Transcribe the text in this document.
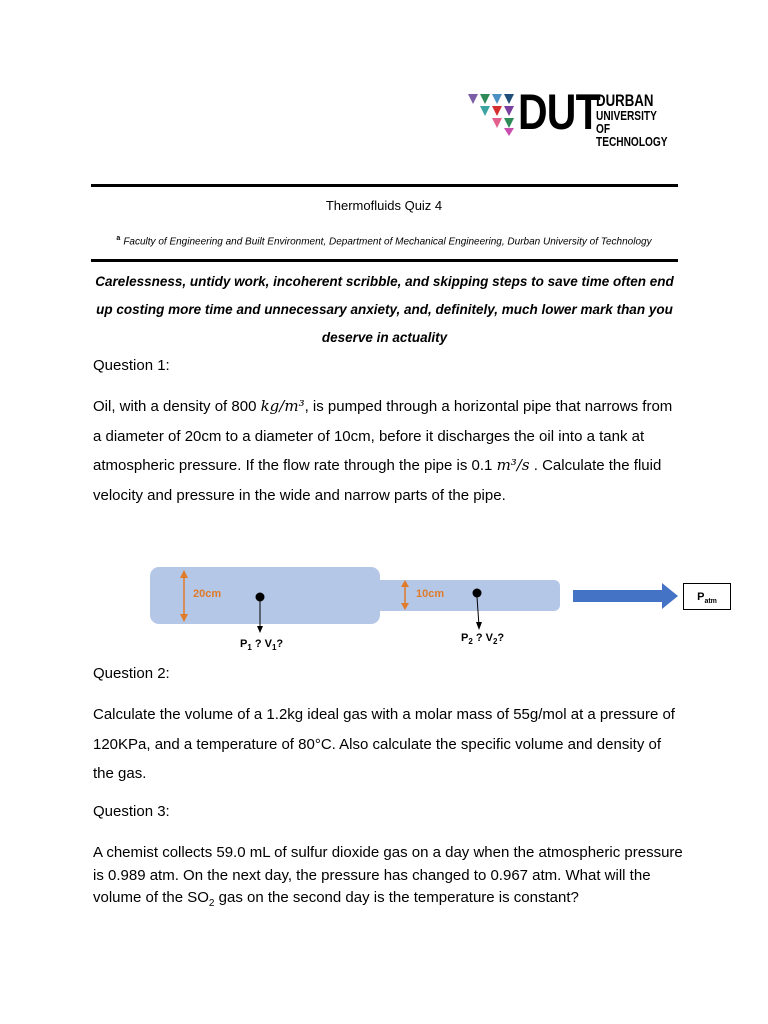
DUT
DURBAN
UNIVERSITY OF
TECHNOLOGY
Thermofluids Quiz 4
$^a$ Faculty of Engineering and Built Environment, Department of Mechanical Engineering, Durban University of Technology
Carelessness, untidy work, incoherent scribble, and skipping steps to save time often end up costing more time and unnecessary anxiety, and, definitely, much lower mark than you deserve in actuality
Question 1:
Oil, with a density of 800 kg/m³, is pumped through a horizontal pipe that narrows from a diameter of 20cm to a diameter of 10cm, before it discharges the oil into a tank at atmospheric pressure. If the flow rate through the pipe is 0.1 m³/s . Calculate the fluid velocity and pressure in the wide and narrow parts of the pipe.
20cm	10cm
$P_1$ ? $V_1$?	$P_2$ ? $V_2$?
$P_{atm}$
Question 2:
Calculate the volume of a 1.2kg ideal gas with a molar mass of 55g/mol at a pressure of 120KPa, and a temperature of 80°C. Also calculate the specific volume and density of the gas.
Question 3:
A chemist collects 59.0 mL of sulfur dioxide gas on a day when the atmospheric pressure is 0.989 atm. On the next day, the pressure has changed to 0.967 atm. What will the volume of the $SO_2$ gas on the second day is the temperature is constant?
